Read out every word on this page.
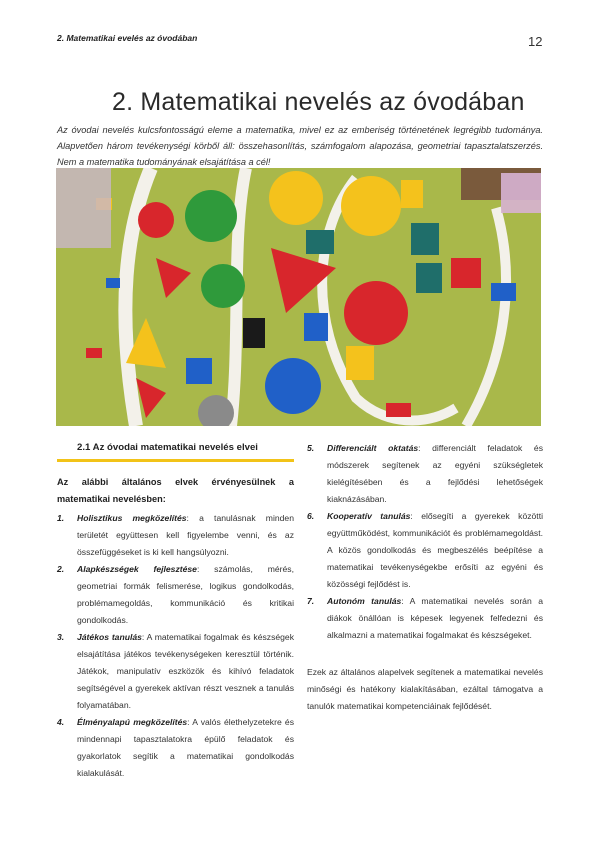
2. Matematikai evelés az óvodában	12
2. Matematikai nevelés az óvodában
Az óvodai nevelés kulcsfontosságú eleme a matematika, mivel ez az emberiség történetének legrégibb tudománya. Alapvetően három tevékenységi körből áll: összehasonlítás, számfogalom alapozása, geometriai tapasztalatszerzés. Nem a matematika tudományának elsajátítása a cél!
2.1 Az óvodai matematikai nevelés elvei

Az alábbi általános elvek érvényesülnek a matematikai nevelésben:

1. Holisztikus megközelítés: a tanulásnak minden területét együttesen kell figyelembe venni, és az összefüggéseket is ki kell hangsúlyozni.
2. Alapkészségek fejlesztése: számolás, mérés, geometriai formák felismerése, logikus gondolkodás, problémamegoldás, kommunikáció és kritikai gondolkodás.
3. Játékos tanulás: A matematikai fogalmak és készségek elsajátítása játékos tevékenységeken keresztül történik. Játékok, manipulatív eszközök és kihívó feladatok segítségével a gyerekek aktívan részt vesznek a tanulás folyamatában.
4. Élményalapú megközelítés: A valós élethelyzetekre és mindennapi tapasztalatokra épülő feladatok és gyakorlatok segítik a matematikai gondolkodás kialakulását.
5. Differenciált oktatás: differenciált feladatok és módszerek segítenek az egyéni szükségletek kielégítésében és a fejlődési lehetőségek kiaknázásában.
6. Kooperatív tanulás: elősegíti a gyerekek közötti együttműködést, kommunikációt és problémamegoldást. A közös gondolkodás és megbeszélés beépítése a matematikai tevékenységekbe erősíti az egyéni és közösségi fejlődést is.
7. Autonóm tanulás: A matematikai nevelés során a diákok önállóan is képesek legyenek felfedezni és alkalmazni a matematikai fogalmakat és készségeket.

Ezek az általános alapelvek segítenek a matematikai nevelés minőségi és hatékony kialakításában, ezáltal támogatva a tanulók matematikai kompetenciáinak fejlődését.
